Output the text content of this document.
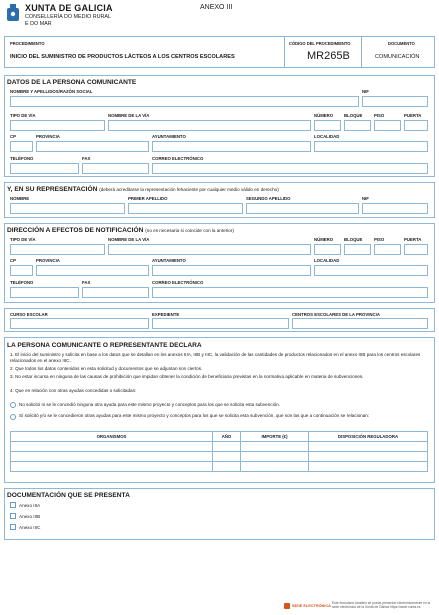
XUNTA DE GALICIA
CONSELLERÍA DO MEDIO RURAL
E DO MAR
ANEXO III
PROCEDIMIENTO
INICIO DEL SUMINISTRO DE PRODUCTOS LÁCTEOS A LOS CENTROS ESCOLARES
CÓDIGO DEL PROCEDIMIENTO
MR265B
DOCUMENTO
COMUNICACIÓN
DATOS DE LA PERSONA COMUNICANTE
NOMBRE Y APELLIDOS/RAZÓN SOCIAL	NIF
TIPO DE VÍA	NOMBRE DE LA VÍA	NÚMERO	BLOQUE	PISO	PUERTA
CP	PROVINCIA	AYUNTAMIENTO	LOCALIDAD
TELÉFONO	FAX	CORREO ELECTRÓNICO
Y, EN SU REPRESENTACIÓN (deberá acreditarse la representación fehaciente por cualquier medio válido en derecho)
NOMBRE	PRIMER APELLIDO	SEGUNDO APELLIDO	NIF
DIRECCIÓN A EFECTOS DE NOTIFICACIÓN (no es necesaria si coincide con la anterior)
TIPO DE VÍA	NOMBRE DE LA VÍA	NÚMERO	BLOQUE	PISO	PUERTA
CP	PROVINCIA	AYUNTAMIENTO	LOCALIDAD
TELÉFONO	FAX	CORREO ELECTRÓNICO
CURSO ESCOLAR	EXPEDIENTE	CENTROS ESCOLARES DE LA PROVINCIA
LA PERSONA COMUNICANTE O REPRESENTANTE DECLARA
1. El inicio del suministro y solicita en base a los datos que se detallan en los anexos IIIA, IIIB y IIIC, la validación de las cantidades de productos relacionados en el anexo IIIB para los centros escolares relacionados en el anexo IIIC.
2. Que todos los datos contenidos en esta solicitud y documentos que se adjuntan son ciertos.
3. No estar incursa en ninguna de las causas de prohibición que impidan obtener la condición de beneficiaria previstas en la normativa aplicable en materia de subvenciones.
4. Que en relación con otras ayudas concedidas o solicitadas:
No solicitó ni se le concedió ninguna otra ayuda para este mismo proyecto y conceptos para los que se solicita esta subvención.
Sí solicitó y/o se le concedieron otras ayudas para este mismo proyecto y conceptos para los que se solicita esta subvención, que son las que a continuación se relacionan:
ORGANISMOS	AÑO	IMPORTE (€)	DISPOSICIÓN REGULADORA

DOCUMENTACIÓN QUE SE PRESENTA
Anexo IIIA
Anexo IIIB
Anexo IIIC
SEDE ELECTRÓNICA
Este formulario también se puede presentar electrónicamente en la sede electrónica de la Xunta de Galicia https://sede.xunta.es
